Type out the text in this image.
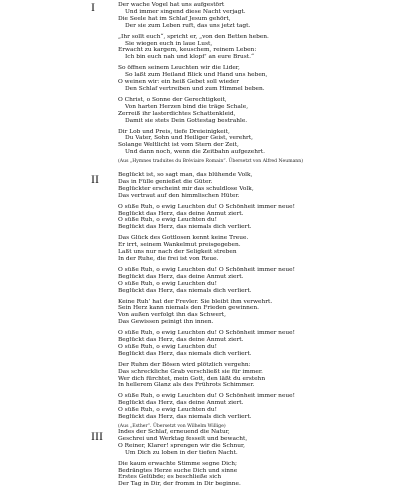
I	Der wache Vogel hat uns aufgestört
Und immer singend diese Nacht verjagt.
Die Seele hat im Schlaf Jesum gehört,
Der sie zum Leben ruft, das uns jetzt tagt.
„Ihr sollt euch“, spricht er, „von den Betten heben.
Sie wiegen euch in laue Lust,
Erwacht zu kargem, keuschem, reinem Leben:
Ich bin euch nah und klopf’ an eure Brust.“
So öffnen seinem Leuchten wir die Lider,
So laßt zum Heiland Blick und Hand uns heben,
O weinen wir: ein heiß Gebet soll wieder
Den Schlaf vertreiben und zum Himmel beben.
O Christ, o Sonne der Gerechtigkeit,
Von harten Herzen bind die träge Schale,
Zerreiß ihr lasterdichtes Schattenkleid,
Damit sie stets Dein Gottestag bestrahle.
Dir Lob und Preis, tiefe Dreieinigkeit,
Du Vater, Sohn und Heiliger Geist, verehrt,
Solange Weltlicht ist vom Stern der Zeit,
Und dann noch, wenn die Zeitbahn aufgezehrt.
(Aus „Hymnes traduites du Bréviaire Romain“. Übersetzt von Alfred Neumann)
II	Beglückt ist, so sagt man, das blühende Volk,
Das in Fülle genießet die Güter.
Beglückter erscheint mir das schuldlose Volk,
Das vertraut auf den himmlischen Hüter.
O süße Ruh, o ewig Leuchten du! O Schönheit immer neue!
Beglückt das Herz, das deine Anmut ziert.
O süße Ruh, o ewig Leuchten du!
Beglückt das Herz, das niemals dich verliert.
Das Glück des Gottlosen kennt keine Treue.
Er irrt, seinem Wankelmut preisgegeben.
Laßt uns nur nach der Seligkeit streben
In der Ruhe, die frei ist von Reue.
O süße Ruh, o ewig Leuchten du! O Schönheit immer neue!
Beglückt das Herz, das deine Anmut ziert.
O süße Ruh, o ewig Leuchten du!
Beglückt das Herz, das niemals dich verliert.
Keine Ruh’ hat der Frevler. Sie bleibt ihm verwehrt.
Sein Herz kann niemals den Frieden gewinnen.
Von außen verfolgt ihn das Schwert,
Das Gewissen peinigt ihn innen.
O süße Ruh, o ewig Leuchten du! O Schönheit immer neue!
Beglückt das Herz, das deine Anmut ziert.
O süße Ruh, o ewig Leuchten du!
Beglückt das Herz, das niemals dich verliert.
Der Ruhm der Bösen wird plötzlich vergehn:
Das schreckliche Grab verschließt sie für immer.
Wer dich fürchtet, mein Gott, den läßt du erstehn
In hellerem Glanz als des Frührots Schimmer.
O süße Ruh, o ewig Leuchten du! O Schönheit immer neue!
Beglückt das Herz, das deine Anmut ziert.
O süße Ruh, o ewig Leuchten du!
Beglückt das Herz, das niemals dich verliert.
(Aus „Esther“. Übersetzt von Wilhelm Willige)
III	Indes der Schlaf, erneuend die Natur,
Geschrei und Werktag fesselt und bewacht,
O Reiner, Klarer! sprengen wir die Schnur,
Um Dich zu loben in der tiefen Nacht.
Die kaum erwachte Stimme segne Dich;
Bedrängtes Herze suche Dich und sinne
Erstes Gelübde; es beschließe sich
Der Tag in Dir, der fromm in Dir beginne.
